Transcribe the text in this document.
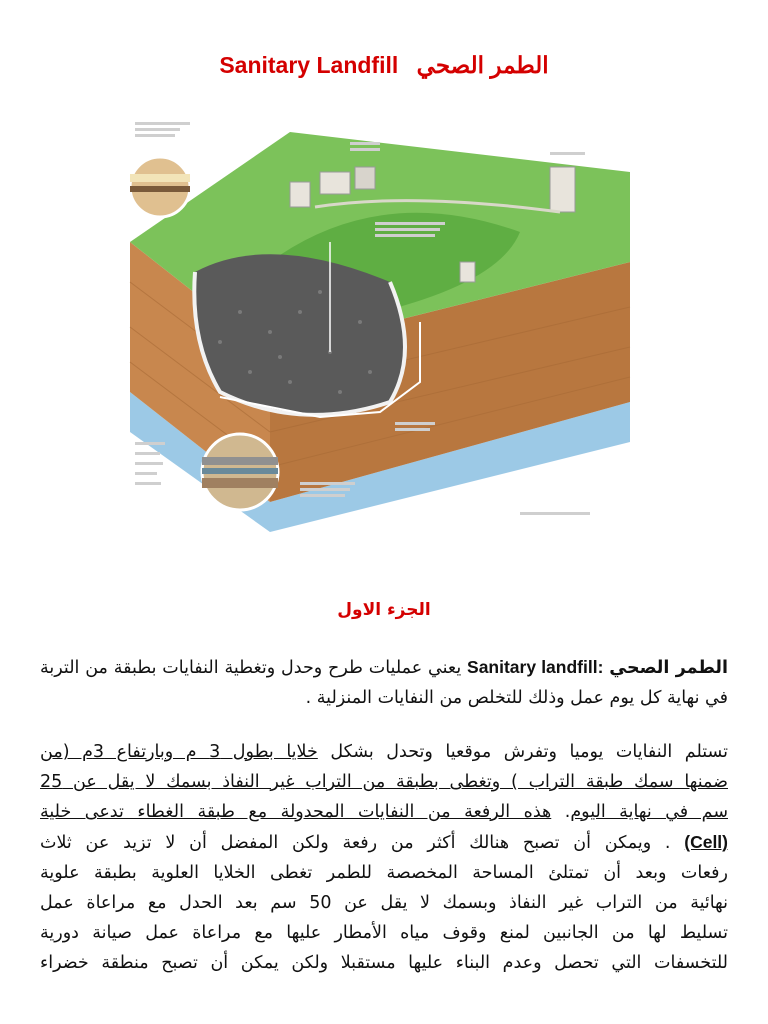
Sanitary Landfill الطمر الصحي
الجزء الاول
الطمر الصحي Sanitary landfill: يعني عمليات طرح وحدل وتغطية النفايات بطبقة من التربة في نهاية كل يوم عمل وذلك للتخلص من النفايات المنزلية .
تستلم النفايات يوميا وتفرش موقعيا وتحدل بشكل خلايا بطول 3 م وبارتفاع 3م (من
ضمنها سمك طبقة التراب ) وتغطى بطبقة من التراب غير النفاذ بسمك لا يقل عن 25
سم في نهاية اليوم. هذه الرفعة من النفايات المحدولة مع طبقة الغطاء تدعى خلية
(Cell) . ويمكن أن تصبح هنالك أكثر من رفعة ولكن المفضل أن لا تزيد عن ثلاث
رفعات وبعد أن تمتلئ المساحة المخصصة للطمر تغطى الخلايا العلوية بطبقة علوية
نهائية من التراب غير النفاذ وبسمك لا يقل عن 50 سم بعد الحدل مع مراعاة عمل
تسليط لها من الجانبين لمنع وقوف مياه الأمطار عليها مع مراعاة عمل صيانة دورية
للتخسفات التي تحصل وعدم البناء عليها مستقبلا ولكن يمكن أن تصبح منطقة خضراء
